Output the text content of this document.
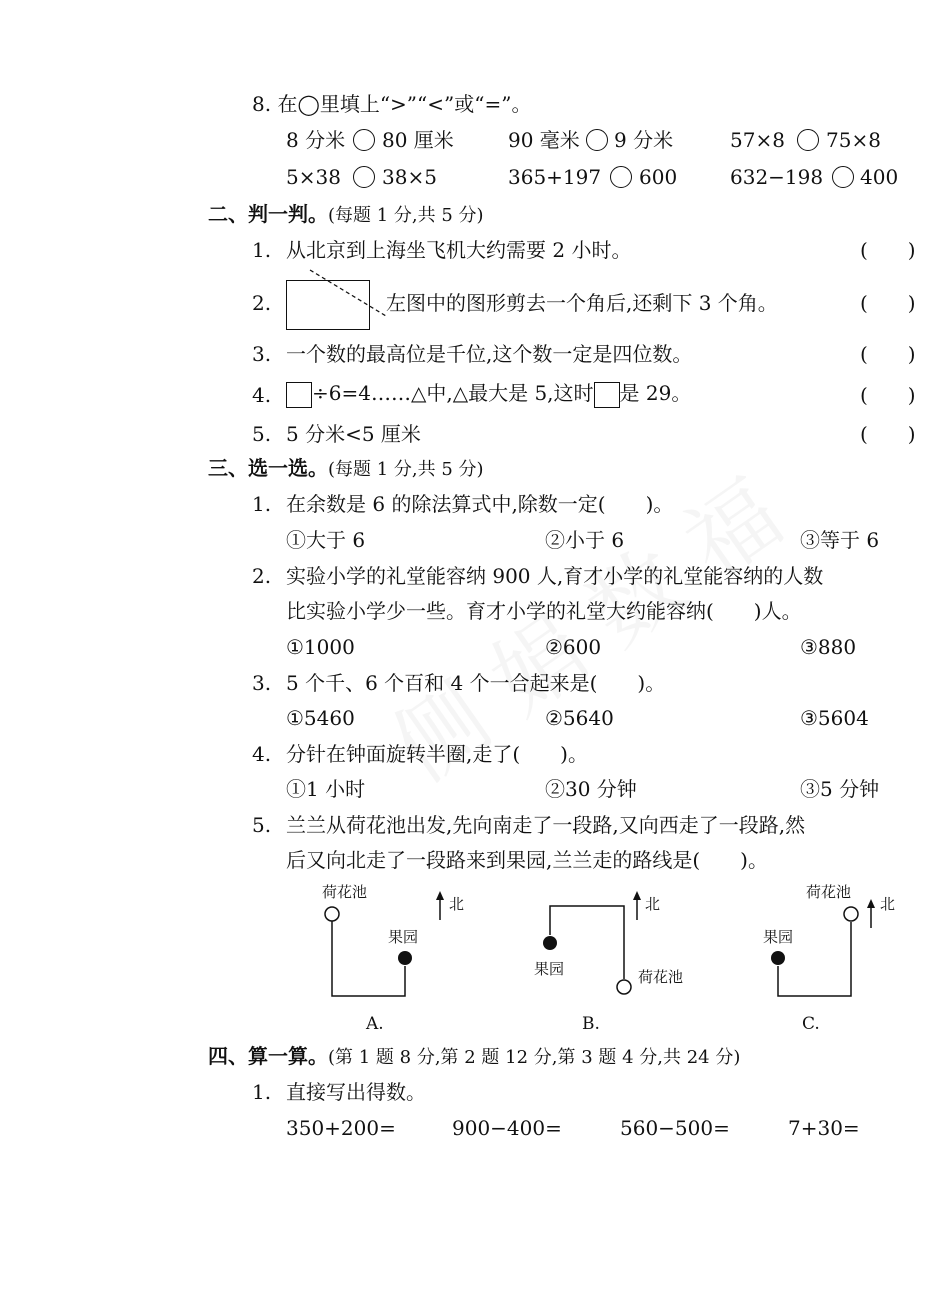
8. 在◯里填上“>”“<”或“=”。
8 分米 80 厘米	90 毫米 9 分米	57×8 75×8
5×38 38×5	365+197 600	632−198 400
二、判一判。(每题 1 分,共 5 分)
1. 从北京到上海坐飞机大约需要 2 小时。	(　　)
2.	左图中的图形剪去一个角后,还剩下 3 个角。	(　　)
3. 一个数的最高位是千位,这个数一定是四位数。	(　　)
4.	÷6=4……△中,△最大是 5,这时 是 29。	(　　)
5. 5 分米<5 厘米	(　　)
三、选一选。(每题 1 分,共 5 分)
1. 在余数是 6 的除法算式中,除数一定(　　)。
①大于 6	②小于 6	③等于 6
2. 实验小学的礼堂能容纳 900 人,育才小学的礼堂能容纳的人数
比实验小学少一些。育才小学的礼堂大约能容纳(　　)人。
①1000	②600	③880
3. 5 个千、6 个百和 4 个一合起来是(　　)。
①5460	②5640	③5604
4. 分针在钟面旋转半圈,走了(　　)。
①1 小时	②30 分钟	③5 分钟
5. 兰兰从荷花池出发,先向南走了一段路,又向西走了一段路,然
后又向北走了一段路来到果园,兰兰走的路线是(　　)。
荷花池
果园
北
A.
果园	荷花池
北
B.
荷花池
果园
北
C.
四、算一算。(第 1 题 8 分,第 2 题 12 分,第 3 题 4 分,共 24 分)
1. 直接写出得数。
350+200=	900−400=	560−500=	7+30=
